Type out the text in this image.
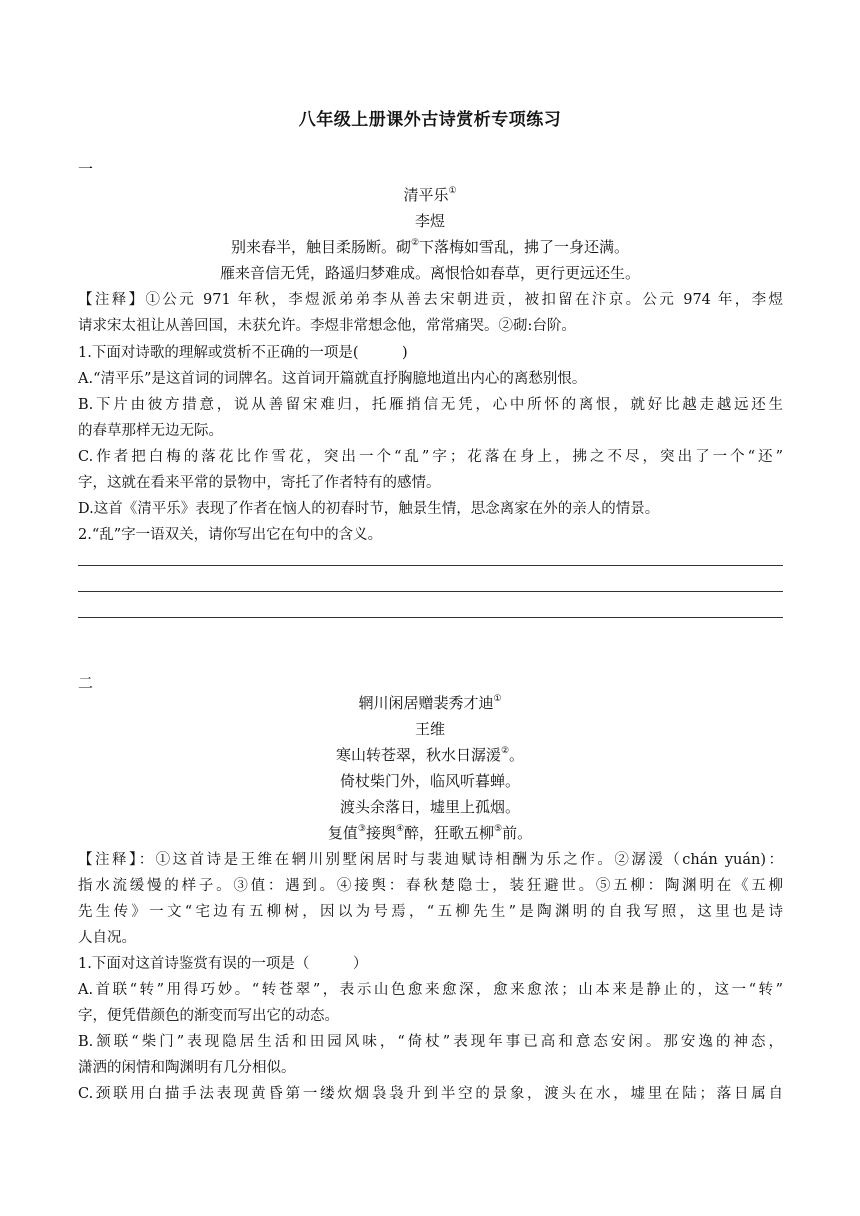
八年级上册课外古诗赏析专项练习
一
清平乐①
李煜
别来春半，触目柔肠断。砌②下落梅如雪乱，拂了一身还满。
雁来音信无凭，路遥归梦难成。离恨恰如春草，更行更远还生。
【注释】①公元 971 年秋，李煜派弟弟李从善去宋朝进贡，被扣留在汴京。公元 974 年，李煜
请求宋太祖让从善回国，未获允许。李煜非常想念他，常常痛哭。②砌:台阶。
1.下面对诗歌的理解或赏析不正确的一项是(　　　)
A.“清平乐”是这首词的词牌名。这首词开篇就直抒胸臆地道出内心的离愁别恨。
B.下片由彼方措意，说从善留宋难归，托雁捎信无凭，心中所怀的离恨，就好比越走越远还生
的春草那样无边无际。
C.作者把白梅的落花比作雪花，突出一个“乱”字；花落在身上，拂之不尽，突出了一个“还”
字，这就在看来平常的景物中，寄托了作者特有的感情。
D.这首《清平乐》表现了作者在恼人的初春时节，触景生情，思念离家在外的亲人的情景。
2.“乱”字一语双关，请你写出它在句中的含义。
二
辋川闲居赠裴秀才迪①
王维
寒山转苍翠，秋水日潺湲②。
倚杖柴门外，临风听暮蝉。
渡头余落日，墟里上孤烟。
复值③接舆④醉，狂歌五柳⑤前。
【注释】：①这首诗是王维在辋川别墅闲居时与裴迪赋诗相酬为乐之作。②潺湲（chán yuán)：
指水流缓慢的样子。③值：遇到。④接舆：春秋楚隐士，装狂避世。⑤五柳：陶渊明在《五柳
先生传》一文“宅边有五柳树，因以为号焉，“五柳先生”是陶渊明的自我写照，这里也是诗
人自况。
1.下面对这首诗鉴赏有误的一项是（　　　）
A.首联“转”用得巧妙。“转苍翠”，表示山色愈来愈深，愈来愈浓；山本来是静止的，这一“转”
字，便凭借颜色的渐变而写出它的动态。
B.颔联“柴门”表现隐居生活和田园风味，“倚杖”表现年事已高和意态安闲。那安逸的神态，
潇洒的闲情和陶渊明有几分相似。
C.颈联用白描手法表现黄昏第一缕炊烟袅袅升到半空的景象，渡头在水，墟里在陆；落日属自
